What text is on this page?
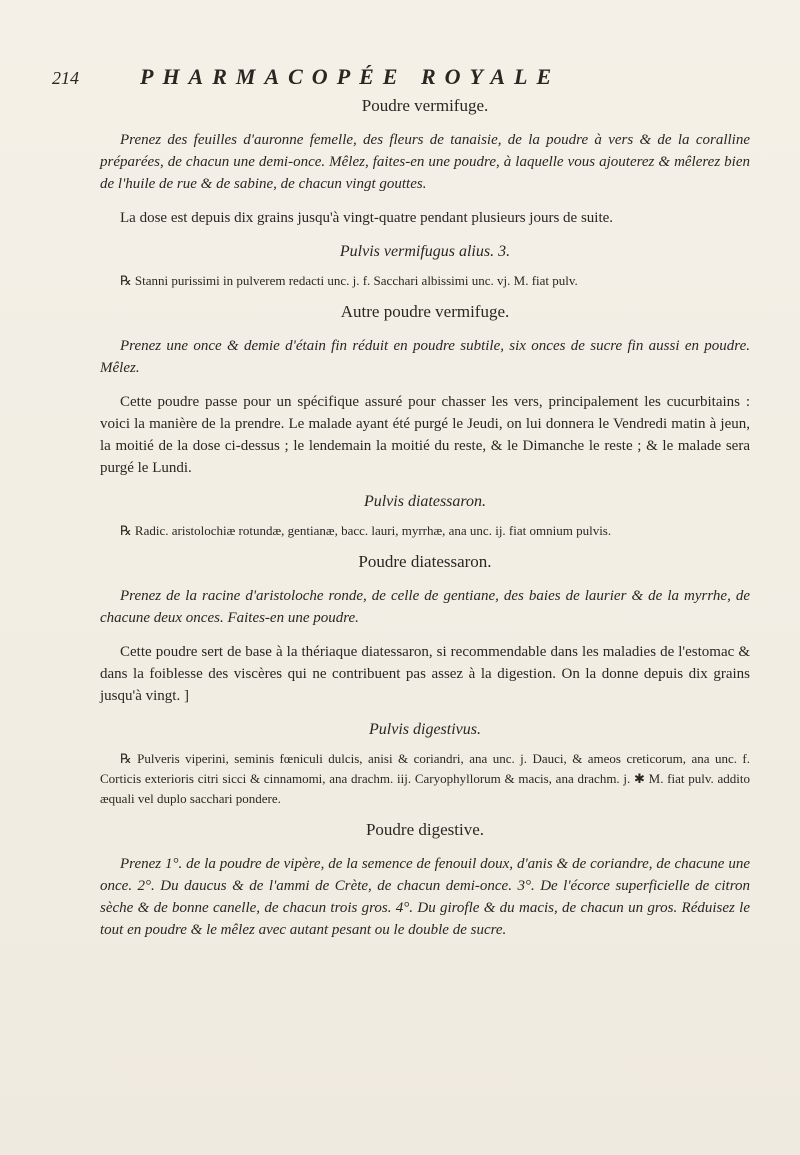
214	PHARMACOPÉE ROYALE
Poudre vermifuge.

Prenez des feuilles d'auronne femelle, des fleurs de tanaisie, de la poudre à vers & de la coralline préparées, de chacun une demi-once. Mêlez, faites-en une poudre, à laquelle vous ajouterez & mêlerez bien de l'huile de rue & de sabine, de chacun vingt gouttes.

La dose est depuis dix grains jusqu'à vingt-quatre pendant plusieurs jours de suite.

Pulvis vermifugus alius. 3.

℞ Stanni purissimi in pulverem redacti unc. j. f. Sacchari albissimi unc. vj. M. fiat pulv.

Autre poudre vermifuge.

Prenez une once & demie d'étain fin réduit en poudre subtile, six onces de sucre fin aussi en poudre. Mêlez.

Cette poudre passe pour un spécifique assuré pour chasser les vers, principalement les cucurbitains : voici la manière de la prendre. Le malade ayant été purgé le Jeudi, on lui donnera le Vendredi matin à jeun, la moitié de la dose ci-dessus ; le lendemain la moitié du reste, & le Dimanche le reste ; & le malade sera purgé le Lundi.

Pulvis diatessaron.

℞ Radic. aristolochiæ rotundæ, gentianæ, bacc. lauri, myrrhæ, ana unc. ij. fiat omnium pulvis.

Poudre diatessaron.

Prenez de la racine d'aristoloche ronde, de celle de gentiane, des baies de laurier & de la myrrhe, de chacune deux onces. Faites-en une poudre.

Cette poudre sert de base à la thériaque diatessaron, si recommendable dans les maladies de l'estomac & dans la foiblesse des viscères qui ne contribuent pas assez à la digestion. On la donne depuis dix grains jusqu'à vingt. ]

Pulvis digestivus.

℞ Pulveris viperini, seminis fœniculi dulcis, anisi & coriandri, ana unc. j. Dauci, & ameos creticorum, ana unc. f. Corticis exterioris citri sicci & cinnamomi, ana drachm. iij. Caryophyllorum & macis, ana drachm. j. ✱ M. fiat pulv. addito æquali vel duplo sacchari pondere.

Poudre digestive.

Prenez 1°. de la poudre de vipère, de la semence de fenouil doux, d'anis & de coriandre, de chacune une once. 2°. Du daucus & de l'ammi de Crète, de chacun demi-once. 3°. De l'écorce superficielle de citron sèche & de bonne canelle, de chacun trois gros. 4°. Du girofle & du macis, de chacun un gros. Réduisez le tout en poudre & le mêlez avec autant pesant ou le double de sucre.
